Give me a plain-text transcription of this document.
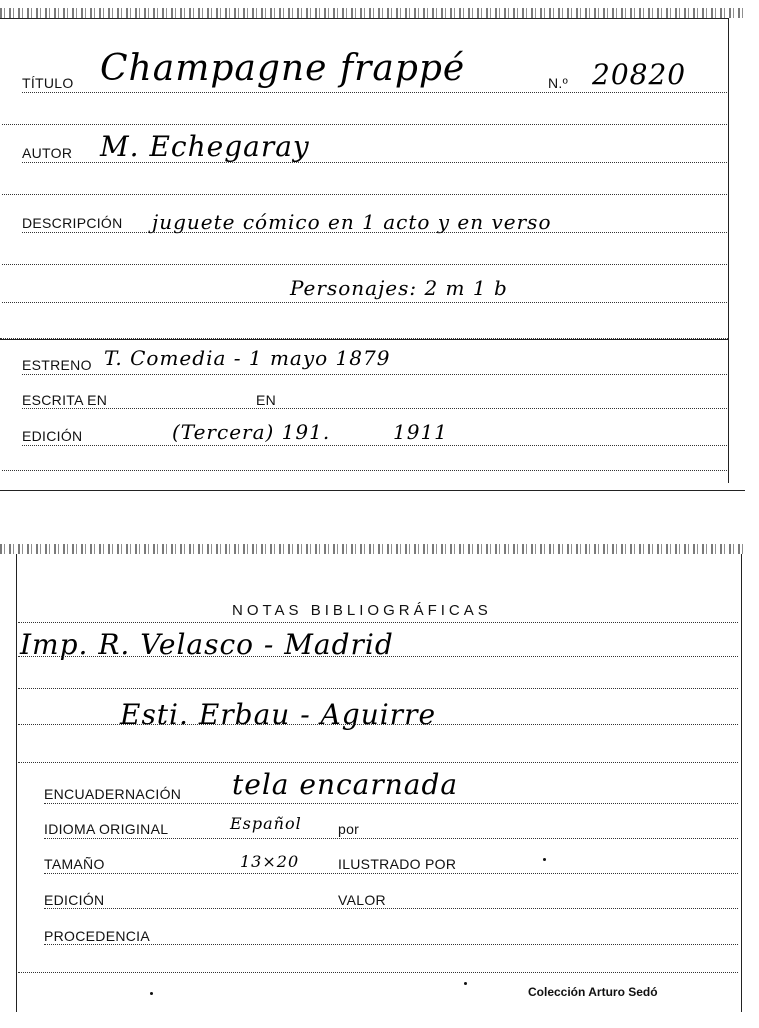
TÍTULO Champagne frappé	N.º 20820
AUTOR M. Echegaray
DESCRIPCIÓN juguete cómico en 1 acto y en verso
Personajes: 2 m 1 b
ESTRENO T. Comedia - 1 mayo 1879
ESCRITA EN	EN
EDICIÓN	(Tercera) 191.	1911
NOTAS BIBLIOGRÁFICAS
Imp. R. Velasco - Madrid
Esti. Erbau - Aguirre
ENCUADERNACIÓN tela encarnada
IDIOMA ORIGINAL	Español	por
TAMAÑO	13×20	ILUSTRADO POR
EDICIÓN	VALOR
PROCEDENCIA
Colección Arturo Sedó
